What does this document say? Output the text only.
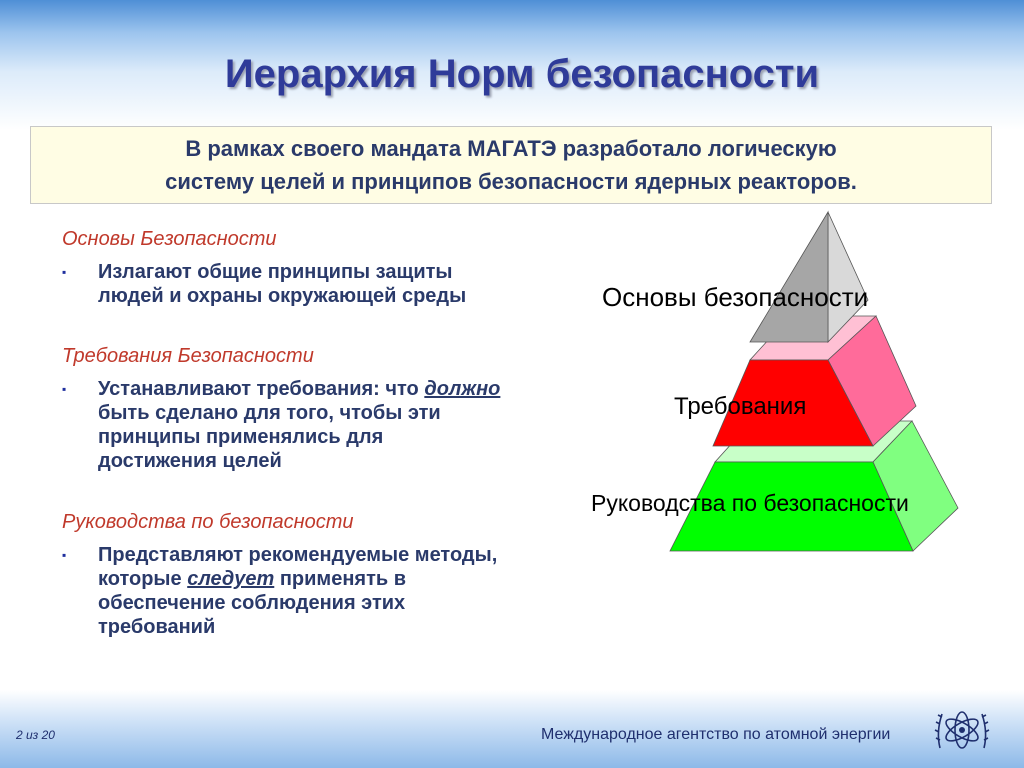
Иерархия Норм безопасности
В рамках своего мандата МАГАТЭ разработало логическую
систему целей и принципов безопасности ядерных реакторов.
Основы Безопасности
▪ Излагают общие принципы защиты
людей и охраны окружающей среды
Требования Безопасности
▪ Устанавливают требования: что должно
быть сделано для того, чтобы эти
принципы применялись для
достижения целей
Руководства по безопасности
▪ Представляют рекомендуемые методы,
которые следует применять в
обеспечение соблюдения этих
требований
Основы безопасности
Требования
Руководства по безопасности
2 из 20	Международное агентство по атомной энергии
